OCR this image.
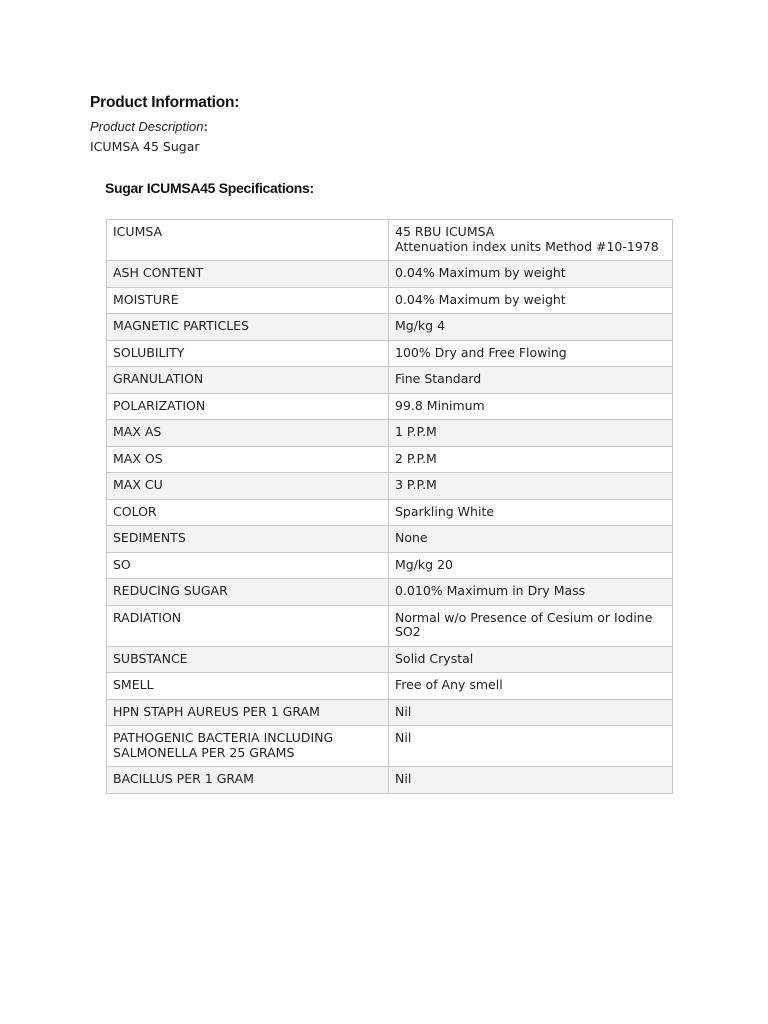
Product Information:
Product Description:
ICUMSA 45 Sugar
Sugar ICUMSA45 Specifications:
ICUMSA	45 RBU ICUMSA
Attenuation index units Method #10-1978
ASH CONTENT	0.04% Maximum by weight
MOISTURE	0.04% Maximum by weight
MAGNETIC PARTICLES	Mg/kg 4
SOLUBILITY	100% Dry and Free Flowing
GRANULATION	Fine Standard
POLARIZATION	99.8 Minimum
MAX AS	1 P.P.M
MAX OS	2 P.P.M
MAX CU	3 P.P.M
COLOR	Sparkling White
SEDIMENTS	None
SO	Mg/kg 20
REDUCING SUGAR	0.010% Maximum in Dry Mass
RADIATION	Normal w/o Presence of Cesium or Iodine
SO2
SUBSTANCE	Solid Crystal
SMELL	Free of Any smell
HPN STAPH AUREUS PER 1 GRAM	Nil
PATHOGENIC BACTERIA INCLUDING
SALMONELLA PER 25 GRAMS	Nil
BACILLUS PER 1 GRAM	Nil
